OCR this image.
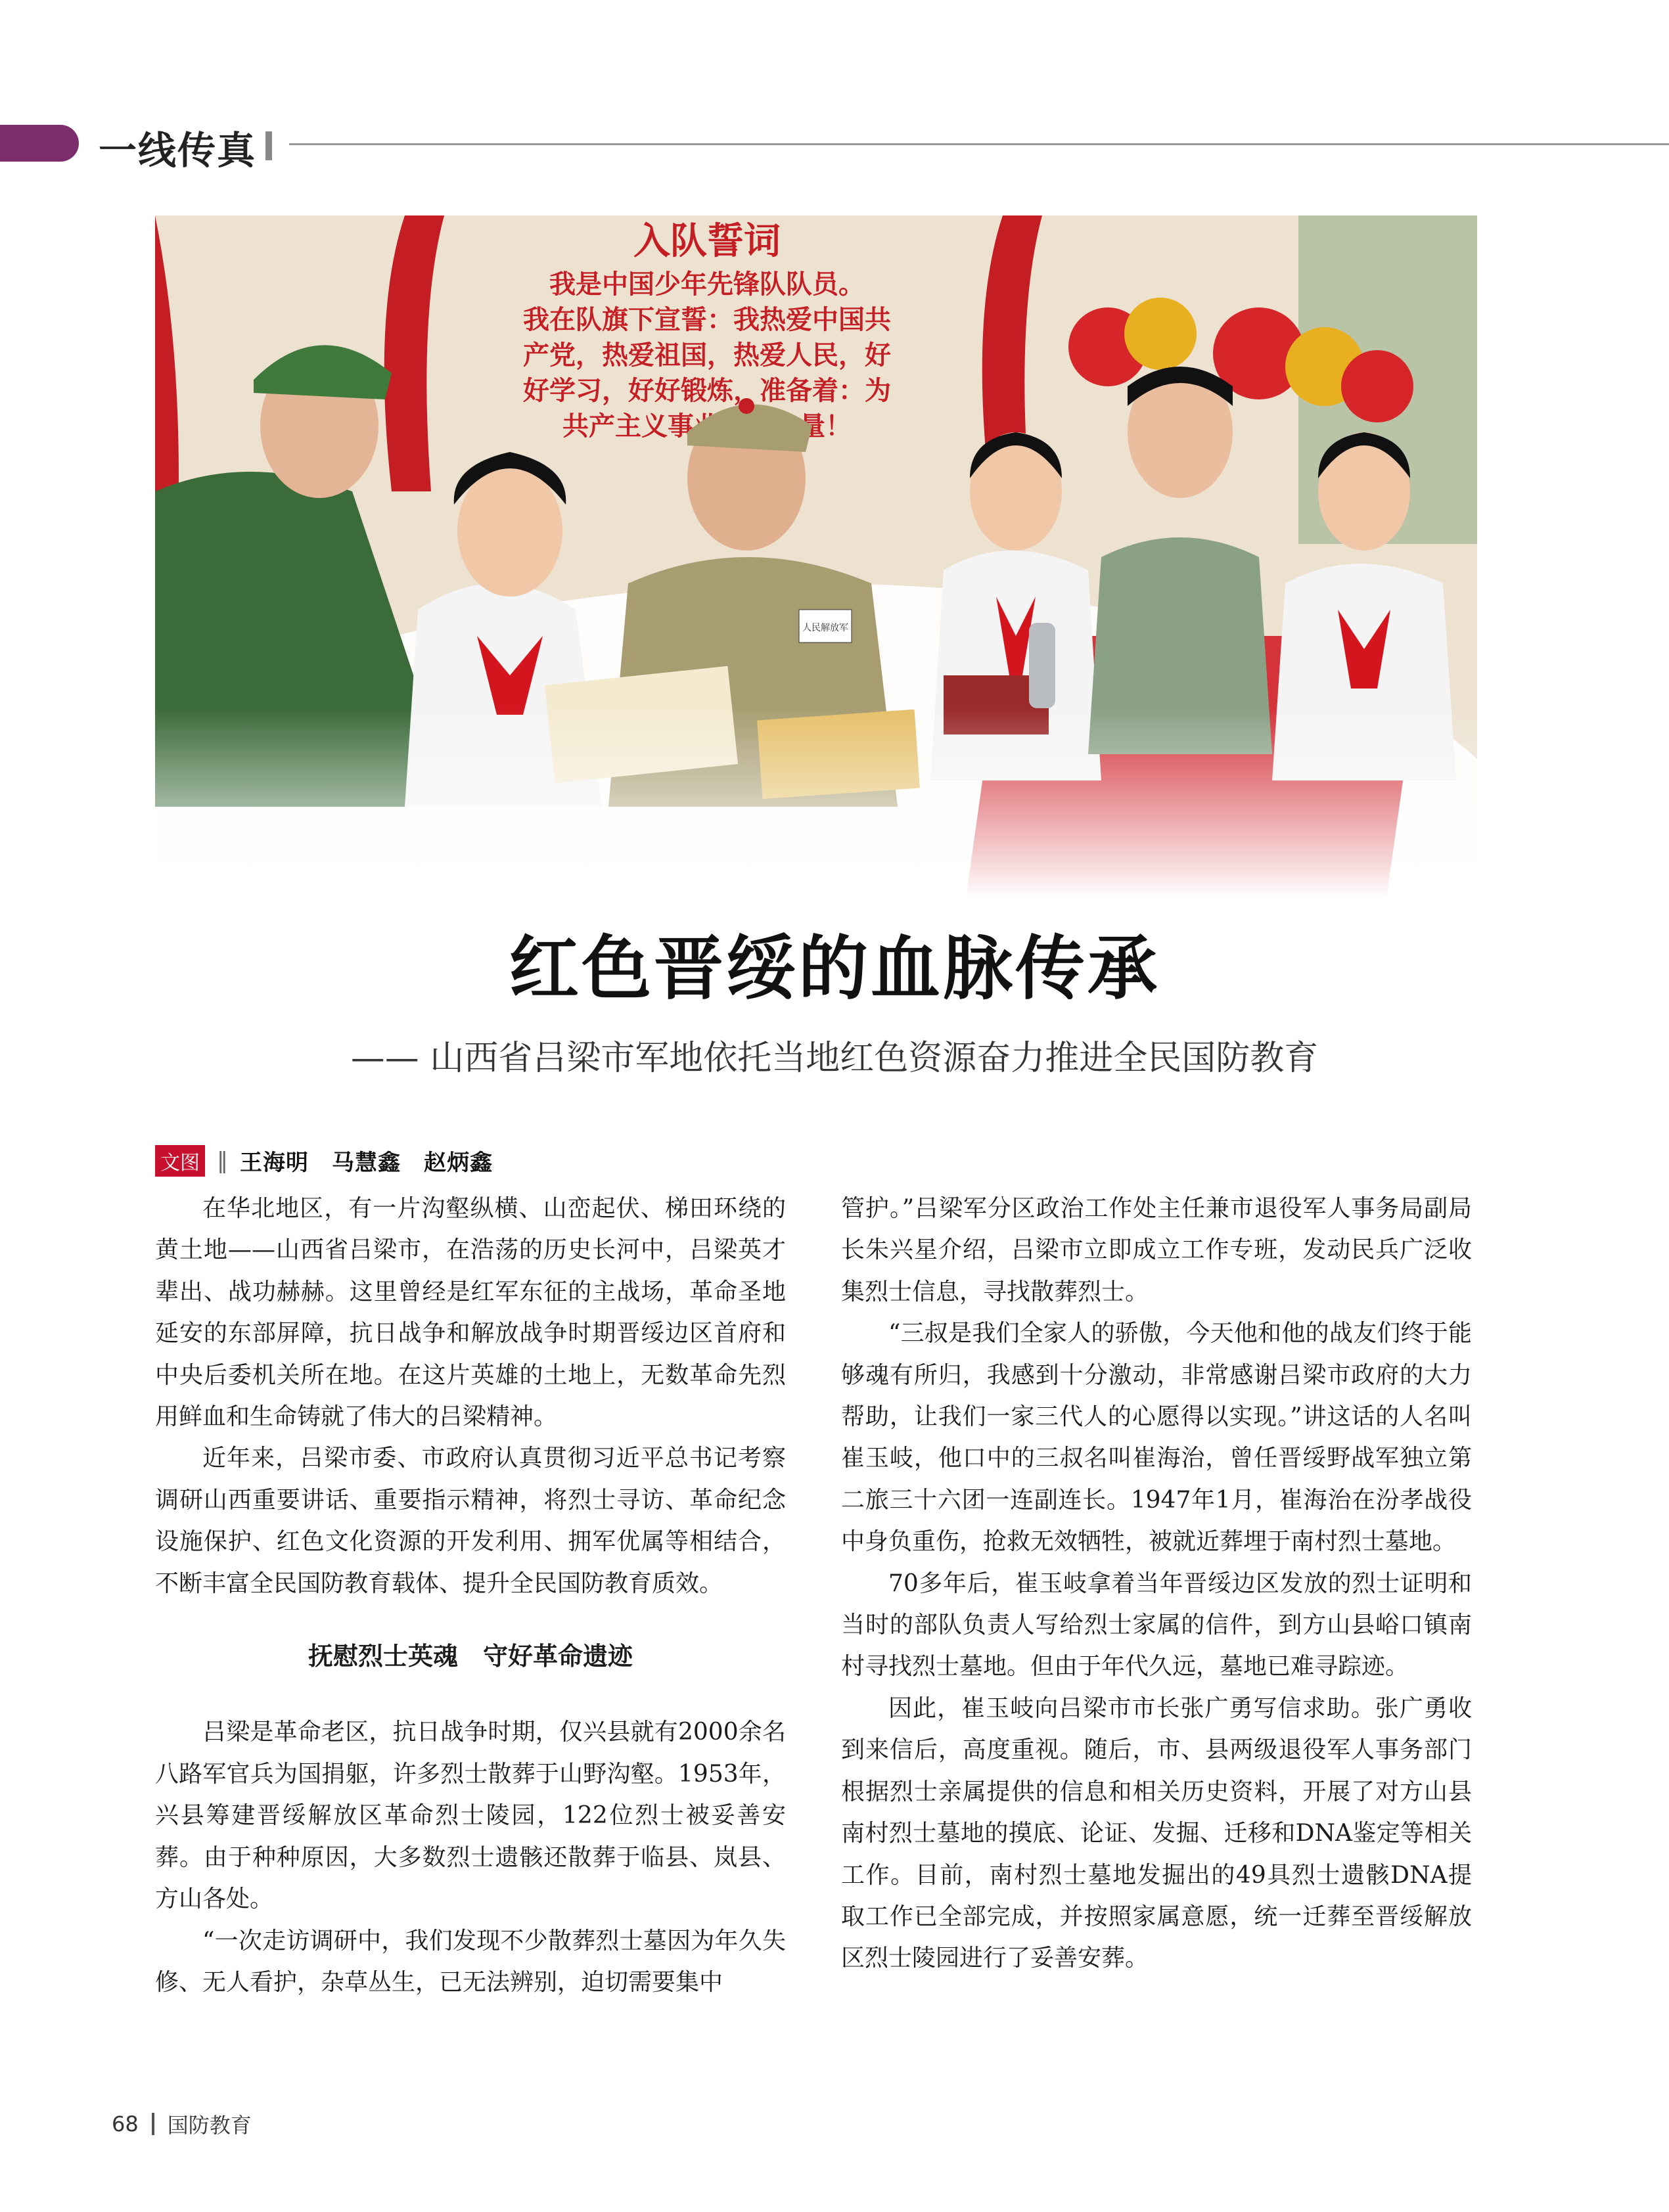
一线传真
红色晋绥的血脉传承
—— 山西省吕梁市军地依托当地红色资源奋力推进全民国防教育
文图 ‖ 王海明　马慧鑫　赵炳鑫

在华北地区，有一片沟壑纵横、山峦起伏、梯田环绕的黄土地——山西省吕梁市，在浩荡的历史长河中，吕梁英才辈出、战功赫赫。这里曾经是红军东征的主战场，革命圣地延安的东部屏障，抗日战争和解放战争时期晋绥边区首府和中央后委机关所在地。在这片英雄的土地上，无数革命先烈用鲜血和生命铸就了伟大的吕梁精神。

近年来，吕梁市委、市政府认真贯彻习近平总书记考察调研山西重要讲话、重要指示精神，将烈士寻访、革命纪念设施保护、红色文化资源的开发利用、拥军优属等相结合，不断丰富全民国防教育载体、提升全民国防教育质效。

抚慰烈士英魂　守好革命遗迹

吕梁是革命老区，抗日战争时期，仅兴县就有2000余名八路军官兵为国捐躯，许多烈士散葬于山野沟壑。1953年，兴县筹建晋绥解放区革命烈士陵园，122位烈士被妥善安葬。由于种种原因，大多数烈士遗骸还散葬于临县、岚县、方山各处。

“一次走访调研中，我们发现不少散葬烈士墓因为年久失修、无人看护，杂草丛生，已无法辨别，迫切需要集中

管护。”吕梁军分区政治工作处主任兼市退役军人事务局副局长朱兴星介绍，吕梁市立即成立工作专班，发动民兵广泛收集烈士信息，寻找散葬烈士。

“三叔是我们全家人的骄傲，今天他和他的战友们终于能够魂有所归，我感到十分激动，非常感谢吕梁市政府的大力帮助，让我们一家三代人的心愿得以实现。”讲这话的人名叫崔玉岐，他口中的三叔名叫崔海治，曾任晋绥野战军独立第二旅三十六团一连副连长。1947年1月，崔海治在汾孝战役中身负重伤，抢救无效牺牲，被就近葬埋于南村烈士墓地。

70多年后，崔玉岐拿着当年晋绥边区发放的烈士证明和当时的部队负责人写给烈士家属的信件，到方山县峪口镇南村寻找烈士墓地。但由于年代久远，墓地已难寻踪迹。

因此，崔玉岐向吕梁市市长张广勇写信求助。张广勇收到来信后，高度重视。随后，市、县两级退役军人事务部门根据烈士亲属提供的信息和相关历史资料，开展了对方山县南村烈士墓地的摸底、论证、发掘、迁移和DNA鉴定等相关工作。目前，南村烈士墓地发掘出的49具烈士遗骸DNA提取工作已全部完成，并按照家属意愿，统一迁葬至晋绥解放区烈士陵园进行了妥善安葬。

68 国防教育
